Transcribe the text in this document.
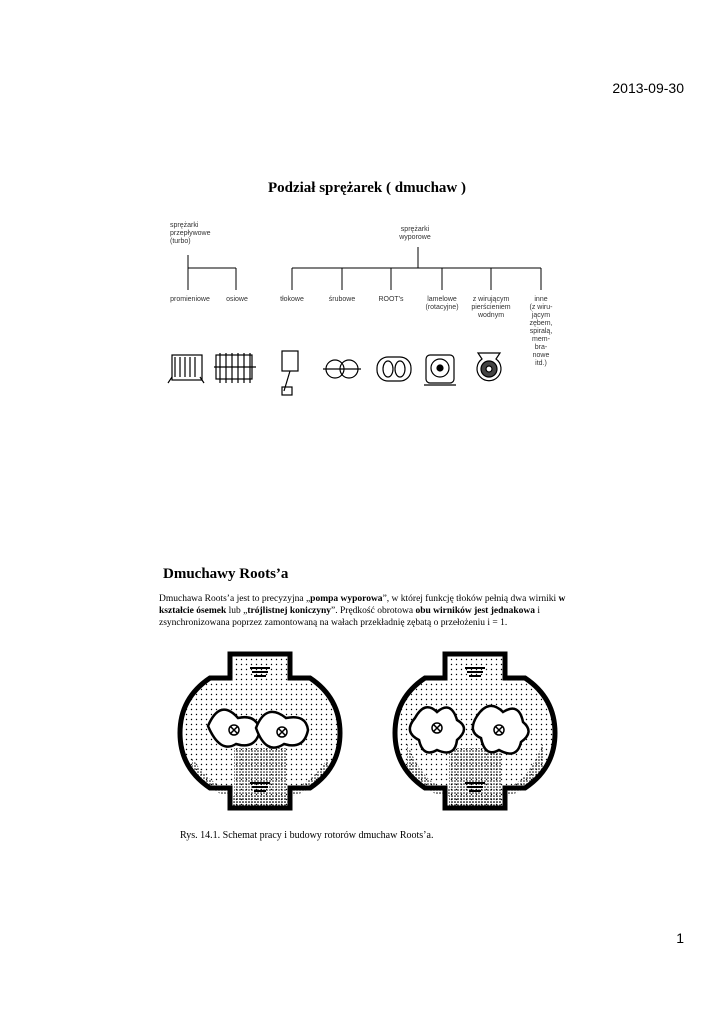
2013-09-30
Podział sprężarek ( dmuchaw )
sprężarki
przepływowe
(turbo)
sprężarki
wyporowe
promieniowe	osiowe	tłokowe	śrubowe	ROOT's	lamelowe
(rotacyjne)
z wirującym
pierścieniem
wodnym
inne
(z wiru-
jącym
zębem,
spiralą,
mem-
bra-
nowe
itd.)
Dmuchawy Roots’a
Dmuchawa Roots’a jest to precyzyjna „pompa wyporowa”, w której funkcję tłoków pełnią dwa wirniki w kształcie ósemek lub „trójlistnej koniczyny”. Prędkość obrotowa obu wirników jest jednakowa i zsynchronizowana poprzez zamontowaną na wałach przekładnię zębatą o przełożeniu i = 1.
Rys. 14.1. Schemat pracy i budowy rotorów dmuchaw Roots’a.
1
